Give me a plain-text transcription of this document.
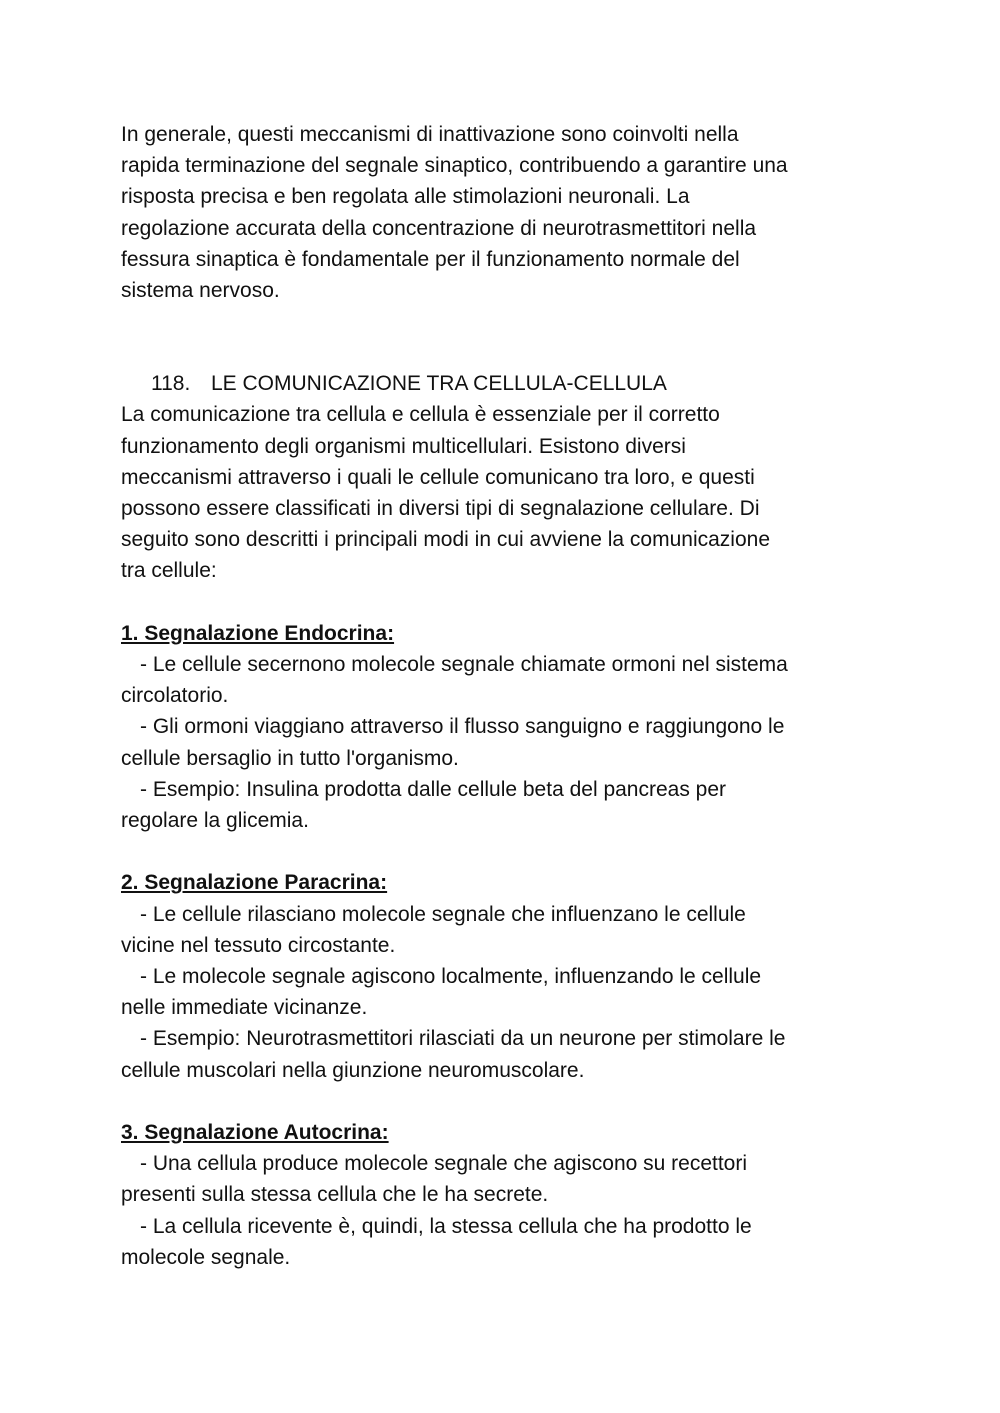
In generale, questi meccanismi di inattivazione sono coinvolti nella
rapida terminazione del segnale sinaptico, contribuendo a garantire una
risposta precisa e ben regolata alle stimolazioni neuronali. La
regolazione accurata della concentrazione di neurotrasmettitori nella
fessura sinaptica è fondamentale per il funzionamento normale del
sistema nervoso.
118. LE COMUNICAZIONE TRA CELLULA-CELLULA
La comunicazione tra cellula e cellula è essenziale per il corretto
funzionamento degli organismi multicellulari. Esistono diversi
meccanismi attraverso i quali le cellule comunicano tra loro, e questi
possono essere classificati in diversi tipi di segnalazione cellulare. Di
seguito sono descritti i principali modi in cui avviene la comunicazione
tra cellule:
1. Segnalazione Endocrina:
- Le cellule secernono molecole segnale chiamate ormoni nel sistema
circolatorio.
- Gli ormoni viaggiano attraverso il flusso sanguigno e raggiungono le
cellule bersaglio in tutto l'organismo.
- Esempio: Insulina prodotta dalle cellule beta del pancreas per
regolare la glicemia.
2. Segnalazione Paracrina:
- Le cellule rilasciano molecole segnale che influenzano le cellule
vicine nel tessuto circostante.
- Le molecole segnale agiscono localmente, influenzando le cellule
nelle immediate vicinanze.
- Esempio: Neurotrasmettitori rilasciati da un neurone per stimolare le
cellule muscolari nella giunzione neuromuscolare.
3. Segnalazione Autocrina:
- Una cellula produce molecole segnale che agiscono su recettori
presenti sulla stessa cellula che le ha secrete.
- La cellula ricevente è, quindi, la stessa cellula che ha prodotto le
molecole segnale.
